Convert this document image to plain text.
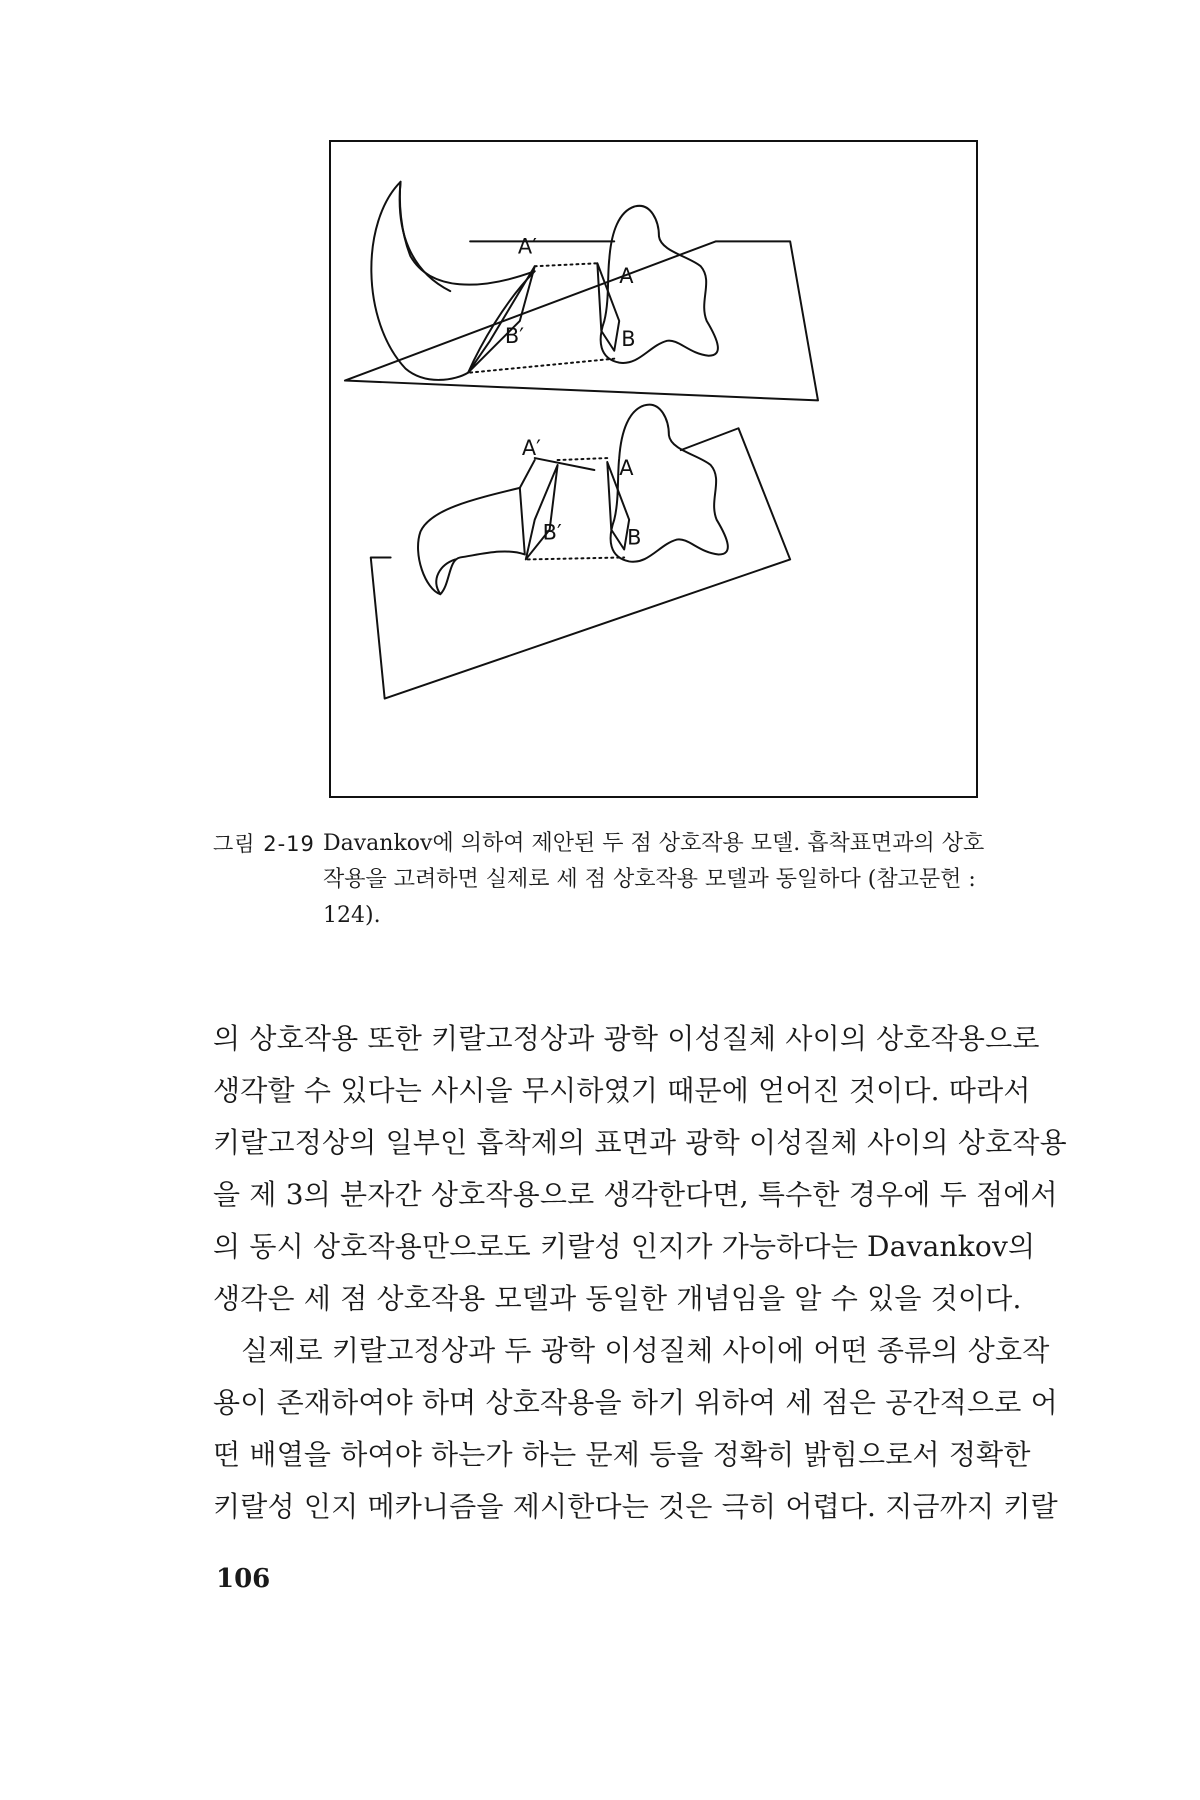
A′
A
B′	B
A′
A
B′	B
그림 2-19 Davankov에 의하여 제안된 두 점 상호작용 모델. 흡착표면과의 상호

작용을 고려하면 실제로 세 점 상호작용 모델과 동일하다 (참고문헌 :

124).

의 상호작용 또한 키랄고정상과 광학 이성질체 사이의 상호작용으로

생각할 수 있다는 사시을 무시하였기 때문에 얻어진 것이다. 따라서

키랄고정상의 일부인 흡착제의 표면과 광학 이성질체 사이의 상호작용

을 제 3의 분자간 상호작용으로 생각한다면, 특수한 경우에 두 점에서

의 동시 상호작용만으로도 키랄성 인지가 가능하다는 Davankov의

생각은 세 점 상호작용 모델과 동일한 개념임을 알 수 있을 것이다.

실제로 키랄고정상과 두 광학 이성질체 사이에 어떤 종류의 상호작

용이 존재하여야 하며 상호작용을 하기 위하여 세 점은 공간적으로 어

떤 배열을 하여야 하는가 하는 문제 등을 정확히 밝힘으로서 정확한

키랄성 인지 메카니즘을 제시한다는 것은 극히 어렵다. 지금까지 키랄

106
